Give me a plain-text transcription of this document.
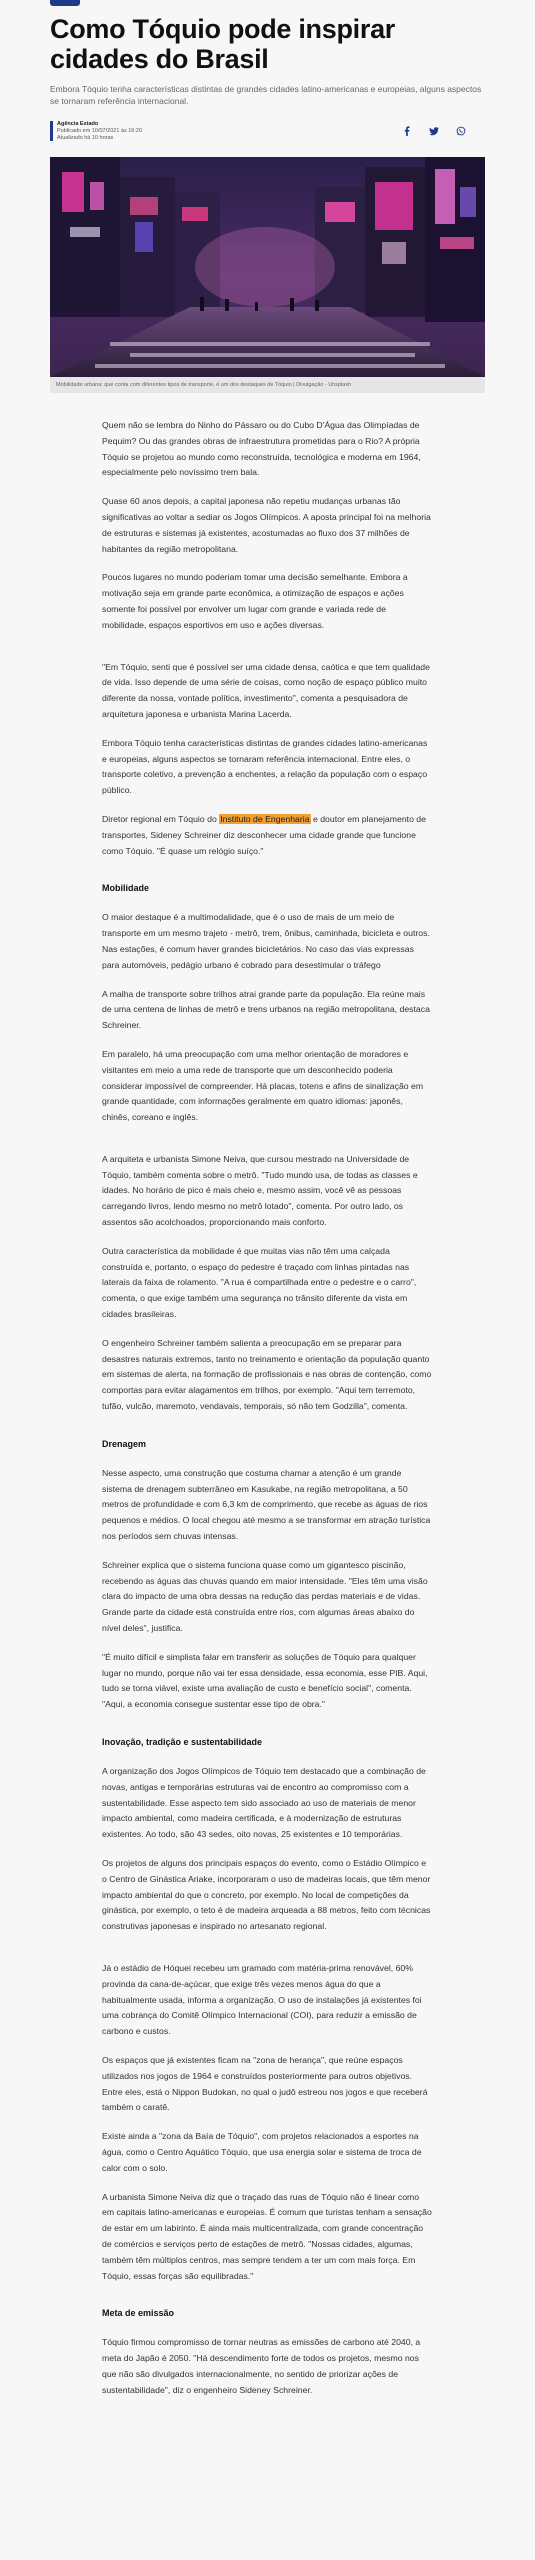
Como Tóquio pode inspirar cidades do Brasil

Embora Tóquio tenha características distintas de grandes cidades latino-americanas e europeias, alguns aspectos se tornaram referência internacional.

Agência Estado
Publicado em 10/07/2021 às 16:20
Atualizado há 10 horas
Mobilidade urbana: que conta com diferentes tipos de transporte, é um dos destaques de Tóquio | Divulgação - Unsplash

Quem não se lembra do Ninho do Pássaro ou do Cubo D'Água das Olimpíadas de Pequim? Ou das grandes obras de infraestrutura prometidas para o Rio? A própria Tóquio se projetou ao mundo como reconstruída, tecnológica e moderna em 1964, especialmente pelo novíssimo trem bala.

Quase 60 anos depois, a capital japonesa não repetiu mudanças urbanas tão significativas ao voltar a sediar os Jogos Olímpicos. A aposta principal foi na melhoria de estruturas e sistemas já existentes, acostumadas ao fluxo dos 37 milhões de habitantes da região metropolitana.

Poucos lugares no mundo poderiam tomar uma decisão semelhante. Embora a motivação seja em grande parte econômica, a otimização de espaços e ações somente foi possível por envolver um lugar com grande e variada rede de mobilidade, espaços esportivos em uso e ações diversas.

"Em Tóquio, senti que é possível ser uma cidade densa, caótica e que tem qualidade de vida. Isso depende de uma série de coisas, como noção de espaço público muito diferente da nossa, vontade política, investimento", comenta a pesquisadora de arquitetura japonesa e urbanista Marina Lacerda.

Embora Tóquio tenha características distintas de grandes cidades latino-americanas e europeias, alguns aspectos se tornaram referência internacional. Entre eles, o transporte coletivo, a prevenção a enchentes, a relação da população com o espaço público.

Diretor regional em Tóquio do Instituto de Engenharia e doutor em planejamento de transportes, Sideney Schreiner diz desconhecer uma cidade grande que funcione como Tóquio. "É quase um relógio suíço."

Mobilidade

O maior destaque é a multimodalidade, que é o uso de mais de um meio de transporte em um mesmo trajeto - metrô, trem, ônibus, caminhada, bicicleta e outros. Nas estações, é comum haver grandes bicicletários. No caso das vias expressas para automóveis, pedágio urbano é cobrado para desestimular o tráfego

A malha de transporte sobre trilhos atrai grande parte da população. Ela reúne mais de uma centena de linhas de metrô e trens urbanos na região metropolitana, destaca Schreiner.

Em paralelo, há uma preocupação com uma melhor orientação de moradores e visitantes em meio a uma rede de transporte que um desconhecido poderia considerar impossível de compreender. Há placas, totens e afins de sinalização em grande quantidade, com informações geralmente em quatro idiomas: japonês, chinês, coreano e inglês.

A arquiteta e urbanista Simone Neiva, que cursou mestrado na Universidade de Tóquio, também comenta sobre o metrô. "Tudo mundo usa, de todas as classes e idades. No horário de pico é mais cheio e, mesmo assim, você vê as pessoas carregando livros, lendo mesmo no metrô lotado", comenta. Por outro lado, os assentos são acolchoados, proporcionando mais conforto.

Outra característica da mobilidade é que muitas vias não têm uma calçada construída e, portanto, o espaço do pedestre é traçado com linhas pintadas nas laterais da faixa de rolamento. "A rua é compartilhada entre o pedestre e o carro", comenta, o que exige também uma segurança no trânsito diferente da vista em cidades brasileiras.

O engenheiro Schreiner também salienta a preocupação em se preparar para desastres naturais extremos, tanto no treinamento e orientação da população quanto em sistemas de alerta, na formação de profissionais e nas obras de contenção, como comportas para evitar alagamentos em trilhos, por exemplo. "Aqui tem terremoto, tufão, vulcão, maremoto, vendavais, temporais, só não tem Godzilla", comenta.

Drenagem

Nesse aspecto, uma construção que costuma chamar a atenção é um grande sistema de drenagem subterrâneo em Kasukabe, na região metropolitana, a 50 metros de profundidade e com 6,3 km de comprimento, que recebe as águas de rios pequenos e médios. O local chegou até mesmo a se transformar em atração turística nos períodos sem chuvas intensas.

Schreiner explica que o sistema funciona quase como um gigantesco piscinão, recebendo as águas das chuvas quando em maior intensidade. "Eles têm uma visão clara do impacto de uma obra dessas na redução das perdas materiais e de vidas. Grande parte da cidade está construída entre rios, com algumas áreas abaixo do nível deles", justifica.

"É muito difícil e simplista falar em transferir as soluções de Tóquio para qualquer lugar no mundo, porque não vai ter essa densidade, essa economia, esse PIB. Aqui, tudo se torna viável, existe uma avaliação de custo e benefício social", comenta. "Aqui, a economia consegue sustentar esse tipo de obra."

Inovação, tradição e sustentabilidade

A organização dos Jogos Olímpicos de Tóquio tem destacado que a combinação de novas, antigas e temporárias estruturas vai de encontro ao compromisso com a sustentabilidade. Esse aspecto tem sido associado ao uso de materiais de menor impacto ambiental, como madeira certificada, e à modernização de estruturas existentes. Ao todo, são 43 sedes, oito novas, 25 existentes e 10 temporárias.

Os projetos de alguns dos principais espaços do evento, como o Estádio Olímpico e o Centro de Ginástica Ariake, incorporaram o uso de madeiras locais, que têm menor impacto ambiental do que o concreto, por exemplo. No local de competições da ginástica, por exemplo, o teto é de madeira arqueada a 88 metros, feito com técnicas construtivas japonesas e inspirado no artesanato regional.

Já o estádio de Hóquei recebeu um gramado com matéria-prima renovável, 60% provinda da cana-de-açúcar, que exige três vezes menos água do que a habitualmente usada, informa a organização. O uso de instalações já existentes foi uma cobrança do Comitê Olímpico Internacional (COI), para reduzir a emissão de carbono e custos.

Os espaços que já existentes ficam na "zona de herança", que reúne espaços utilizados nos jogos de 1964 e construídos posteriormente para outros objetivos. Entre eles, está o Nippon Budokan, no qual o judô estreou nos jogos e que receberá também o caratê.

Existe ainda a "zona da Baía de Tóquio", com projetos relacionados a esportes na água, como o Centro Aquático Tóquio, que usa energia solar e sistema de troca de calor com o solo.

A urbanista Simone Neiva diz que o traçado das ruas de Tóquio não é linear como em capitais latino-americanas e europeias. É comum que turistas tenham a sensação de estar em um labirinto. É ainda mais multicentralizada, com grande concentração de comércios e serviços perto de estações de metrô. "Nossas cidades, algumas, também têm múltiplos centros, mas sempre tendem a ter um com mais força. Em Tóquio, essas forças são equilibradas."

Meta de emissão

Tóquio firmou compromisso de tornar neutras as emissões de carbono até 2040, a meta do Japão é 2050. "Há descendimento forte de todos os projetos, mesmo nos que não são divulgados internacionalmente, no sentido de priorizar ações de sustentabilidade", diz o engenheiro Sideney Schreiner.
